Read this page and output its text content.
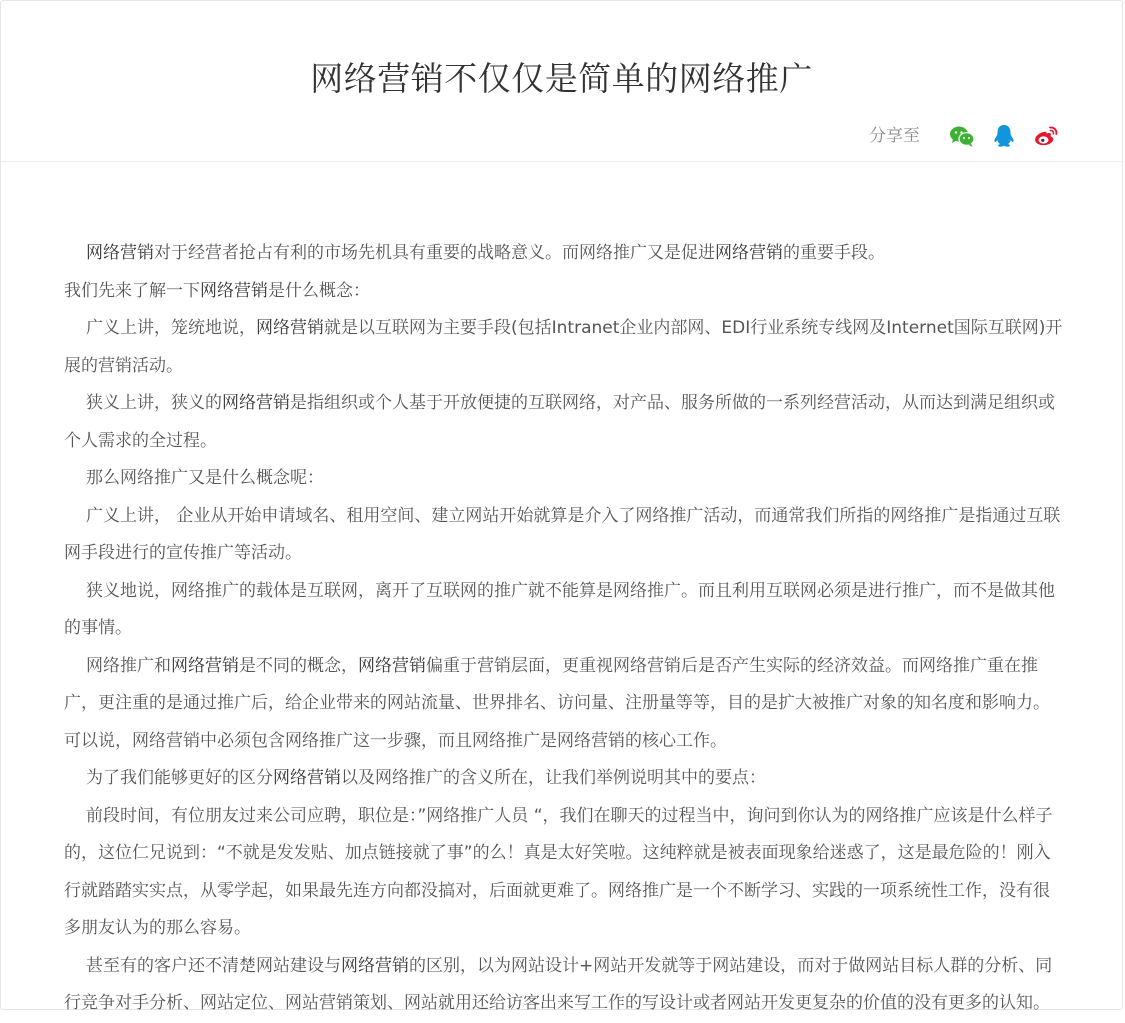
网络营销不仅仅是简单的网络推广
分享至

网络营销对于经营者抢占有利的市场先机具有重要的战略意义。而网络推广又是促进网络营销的重要手段。

我们先来了解一下网络营销是什么概念：

广义上讲，笼统地说，网络营销就是以互联网为主要手段(包括Intranet企业内部网、EDI行业系统专线网及Internet国际互联网)开展的营销活动。

狭义上讲，狭义的网络营销是指组织或个人基于开放便捷的互联网络，对产品、服务所做的一系列经营活动，从而达到满足组织或个人需求的全过程。

那么网络推广又是什么概念呢：

广义上讲， 企业从开始申请域名、租用空间、建立网站开始就算是介入了网络推广活动，而通常我们所指的网络推广是指通过互联网手段进行的宣传推广等活动。

狭义地说，网络推广的载体是互联网，离开了互联网的推广就不能算是网络推广。而且利用互联网必须是进行推广，而不是做其他的事情。

网络推广和网络营销是不同的概念，网络营销偏重于营销层面，更重视网络营销后是否产生实际的经济效益。而网络推广重在推广，更注重的是通过推广后，给企业带来的网站流量、世界排名、访问量、注册量等等，目的是扩大被推广对象的知名度和影响力。可以说，网络营销中必须包含网络推广这一步骤，而且网络推广是网络营销的核心工作。

为了我们能够更好的区分网络营销以及网络推广的含义所在，让我们举例说明其中的要点：

前段时间，有位朋友过来公司应聘，职位是：”网络推广人员 “，我们在聊天的过程当中，询问到你认为的网络推广应该是什么样子的，这位仁兄说到：“不就是发发贴、加点链接就了事”的么！真是太好笑啦。这纯粹就是被表面现象给迷惑了，这是最危险的！刚入行就踏踏实实点，从零学起，如果最先连方向都没搞对，后面就更难了。网络推广是一个不断学习、实践的一项系统性工作，没有很多朋友认为的那么容易。

甚至有的客户还不清楚网站建设与网络营销的区别，以为网站设计+网站开发就等于网站建设，而对于做网站目标人群的分析、同行竞争对手分析、网站定位、网站营销策划、网站就用还给访客出来写工作的写设计或者网站开发更复杂的价值的没有更多的认知。
